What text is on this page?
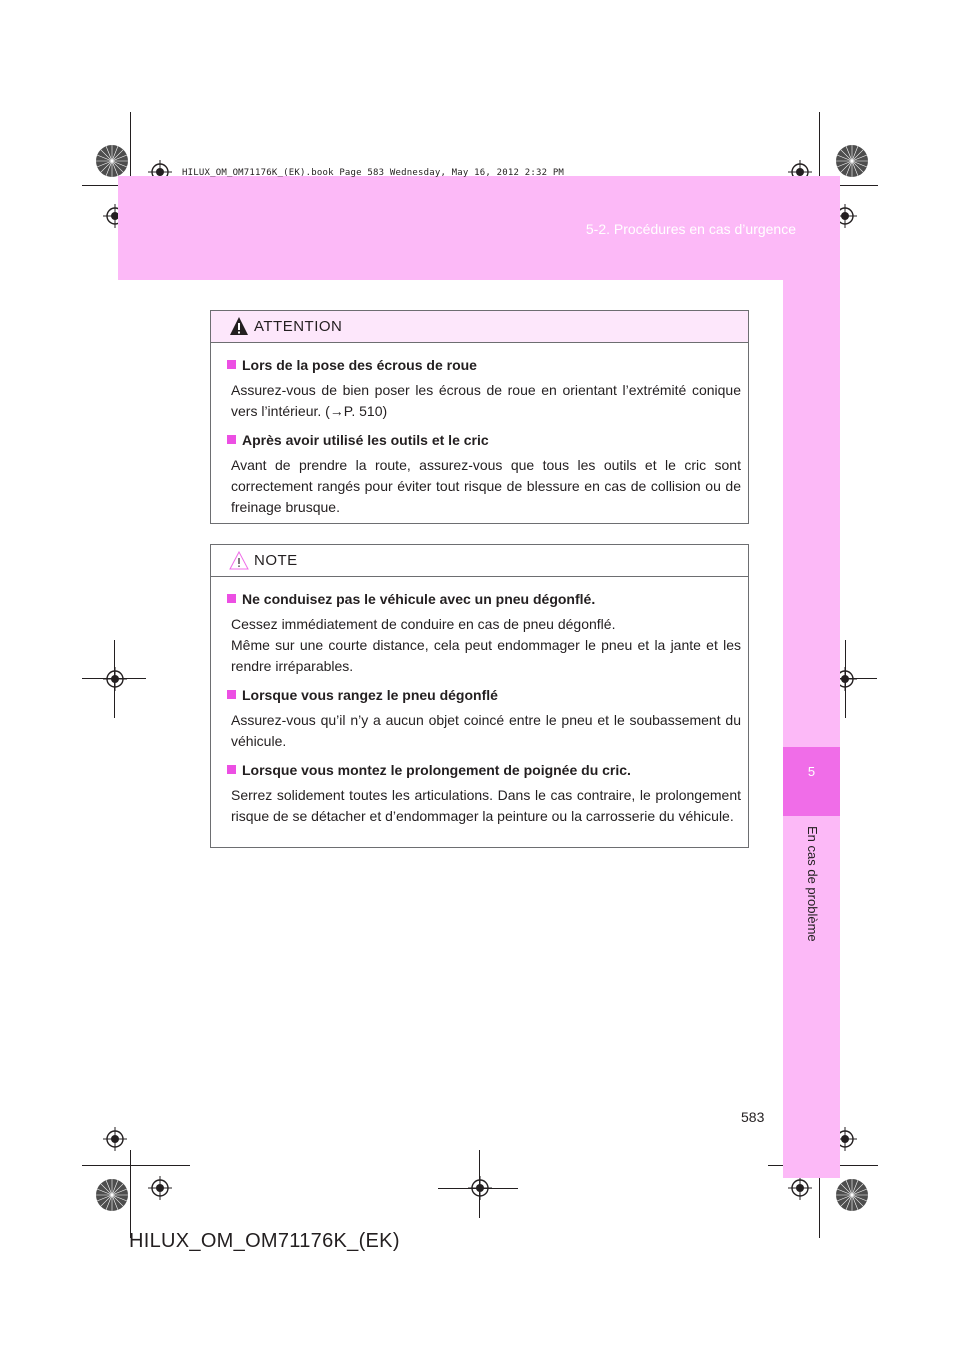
5
En cas de problème
5-2. Procédures en cas d’urgence
HILUX_OM_OM71176K_(EK).book Page 583 Wednesday, May 16, 2012 2:32 PM
ATTENTION
Lors de la pose des écrous de roue

Assurez-vous de bien poser les écrous de roue en orientant l’extrémité conique vers l’intérieur. (→P. 510)

Après avoir utilisé les outils et le cric

Avant de prendre la route, assurez-vous que tous les outils et le cric sont correctement rangés pour éviter tout risque de blessure en cas de collision ou de freinage brusque.

NOTE
Ne conduisez pas le véhicule avec un pneu dégonflé.

Cessez immédiatement de conduire en cas de pneu dégonflé.

Même sur une courte distance, cela peut endommager le pneu et la jante et les rendre irréparables.

Lorsque vous rangez le pneu dégonflé

Assurez-vous qu’il n’y a aucun objet coincé entre le pneu et le soubassement du véhicule.

Lorsque vous montez le prolongement de poignée du cric.

Serrez solidement toutes les articulations. Dans le cas contraire, le prolongement risque de se détacher et d’endommager la peinture ou la carrosserie du véhicule.

583
HILUX_OM_OM71176K_(EK)
